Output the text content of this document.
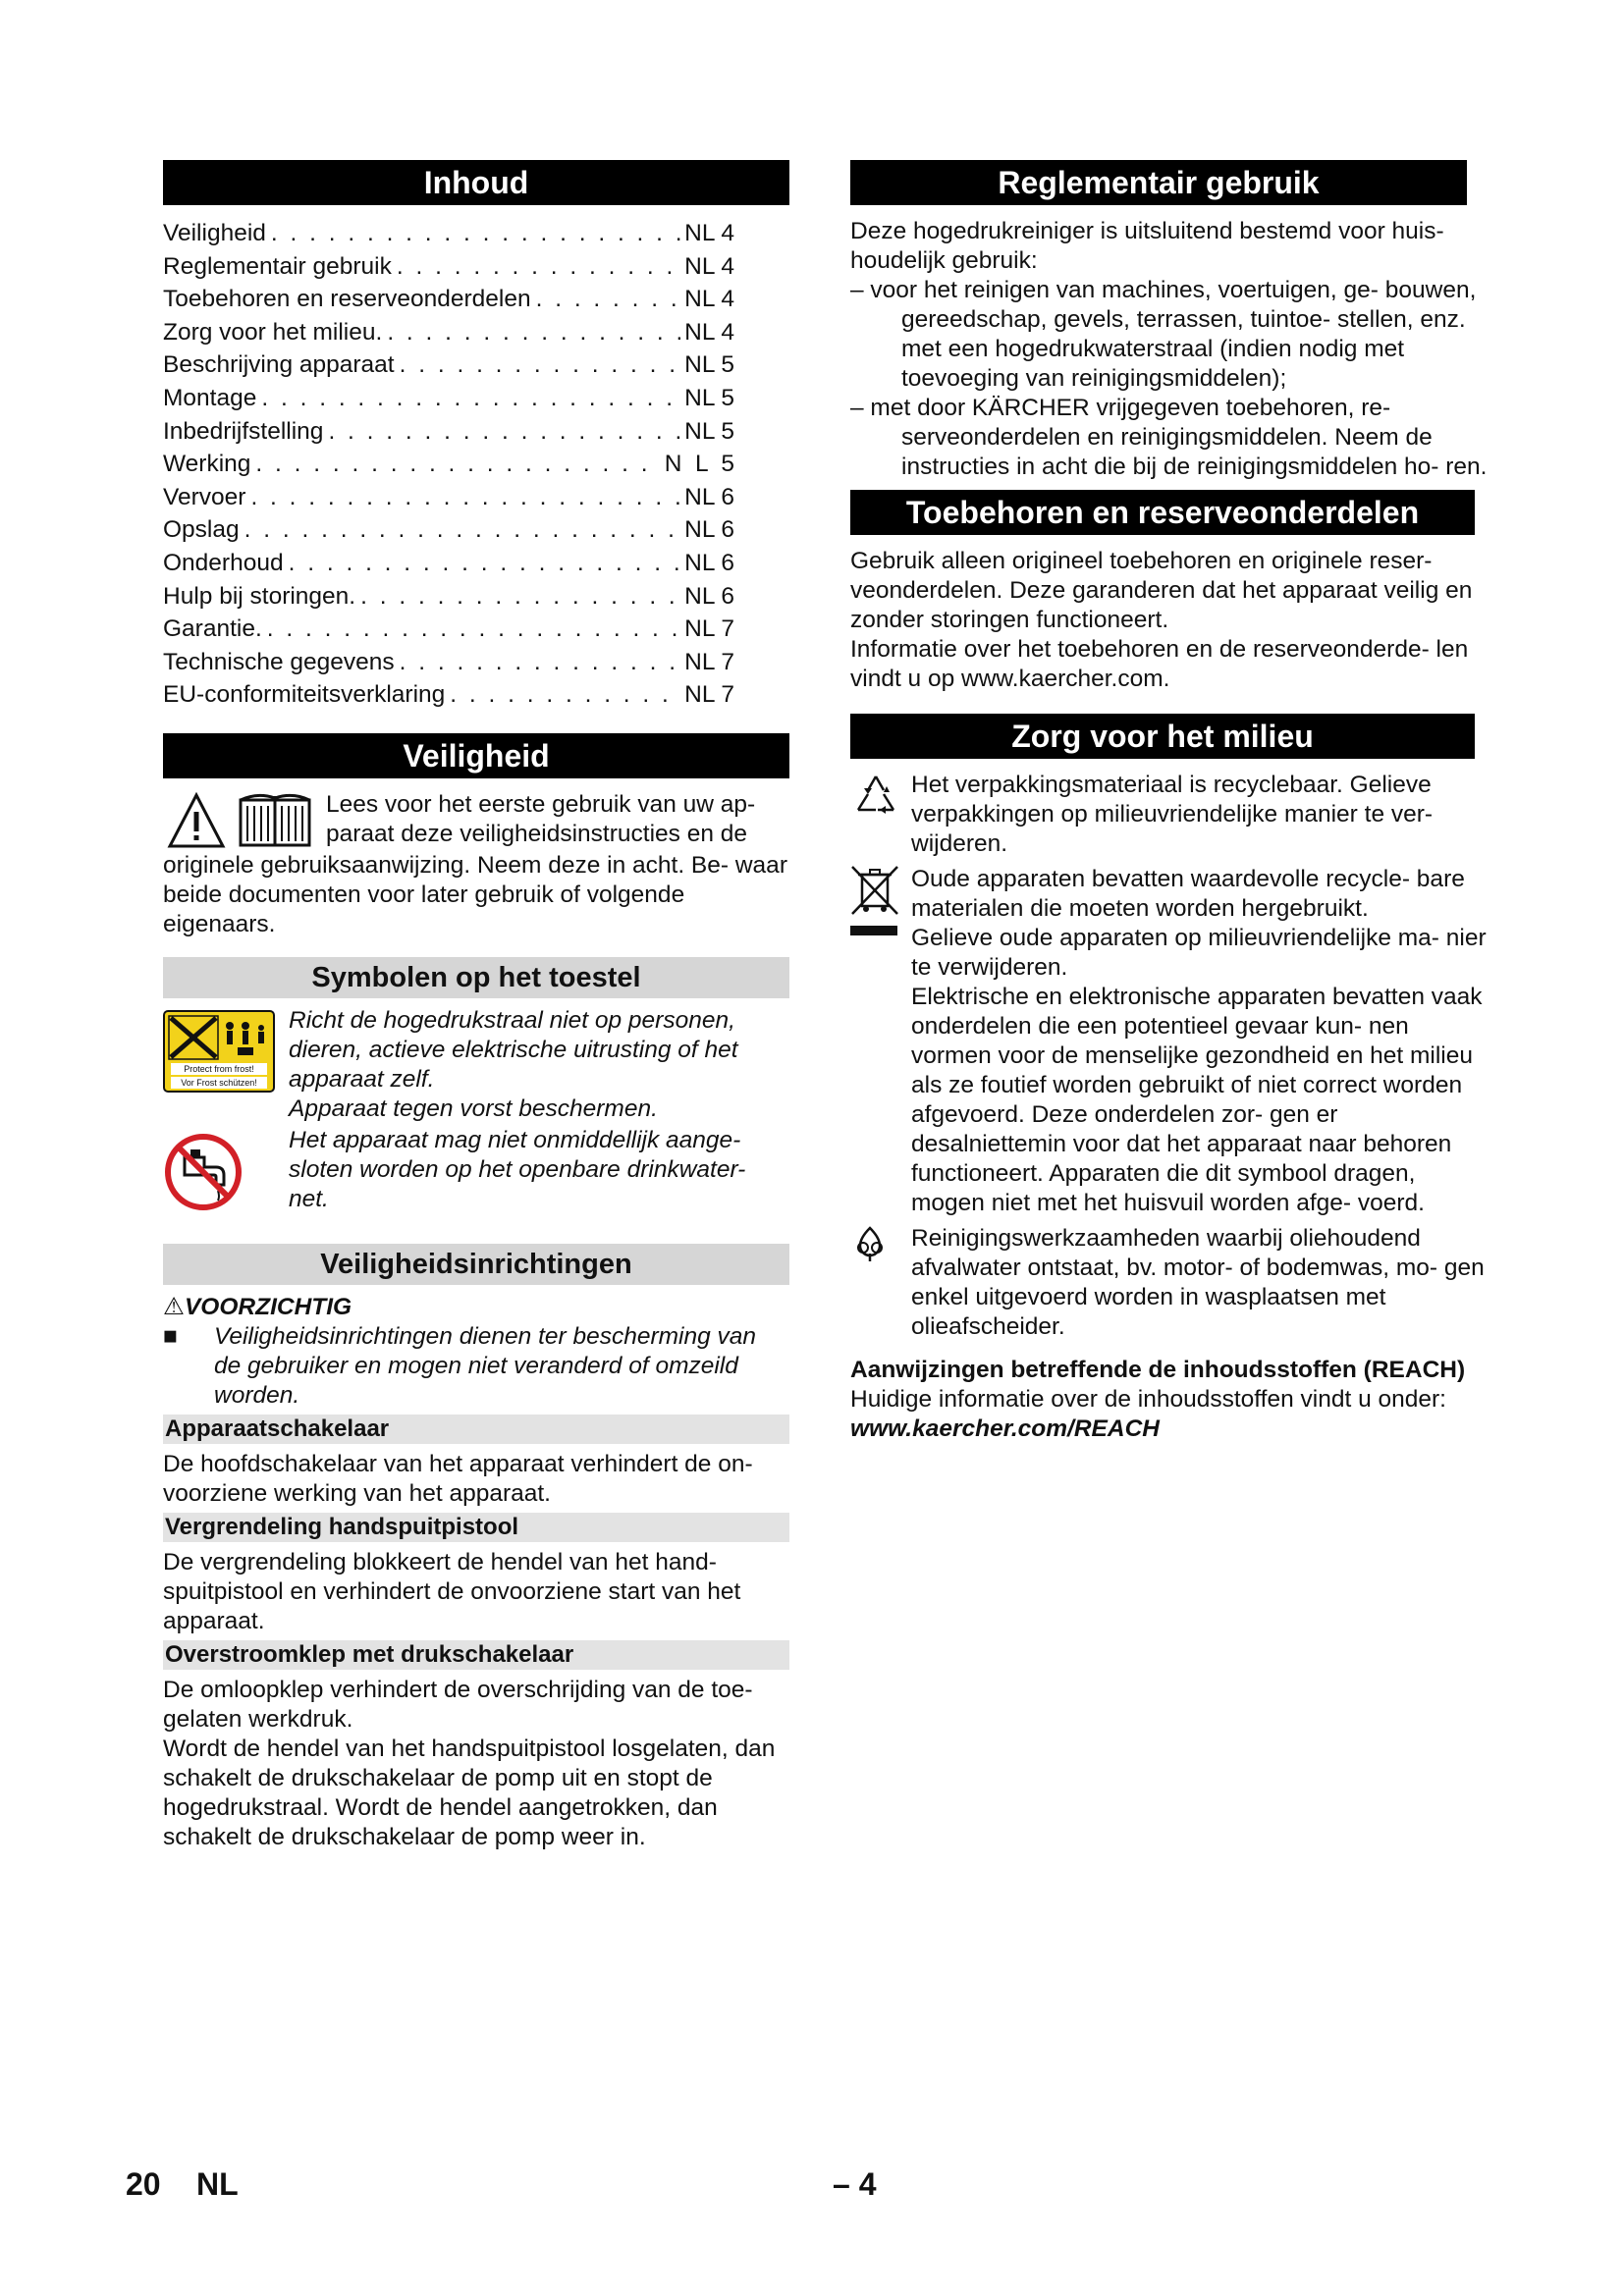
Inhoud
Veiligheid . . .	NL 4
Reglementair gebruik . . .	NL 4
Toebehoren en reserveonderdelen . . .	NL 4
Zorg voor het milieu. . . .	NL 4
Beschrijving apparaat . . .	NL 5
Montage . . .	NL 5
Inbedrijfstelling . . .	NL 5
Werking . . .	N  L  5
Vervoer . . .	NL 6
Opslag . . .	NL 6
Onderhoud . . .	NL 6
Hulp bij storingen. . . .	NL 6
Garantie. . . .	NL 7
Technische gegevens . . .	NL 7
EU-conformiteitsverklaring . . .	NL 7
Veiligheid

Lees voor het eerste gebruik van uw ap-

paraat deze veiligheidsinstructies en de

originele gebruiksaanwijzing. Neem deze in acht. Be- waar beide documenten voor later gebruik of volgende eigenaars.

Symbolen op het toestel
Protect from frost!
Vor Frost schützen!

Richt de hogedrukstraal niet op personen, dieren, actieve elektrische uitrusting of het apparaat zelf.

Apparaat tegen vorst beschermen.

Het apparaat mag niet onmiddellijk aange- sloten worden op het openbare drinkwater- net.

Veiligheidsinrichtingen

⚠VOORZICHTIG

■	Veiligheidsinrichtingen dienen ter bescherming van de gebruiker en mogen niet veranderd of omzeild worden.
Apparaatschakelaar

De hoofdschakelaar van het apparaat verhindert de on- voorziene werking van het apparaat.

Vergrendeling handspuitpistool

De vergrendeling blokkeert de hendel van het hand- spuitpistool en verhindert de onvoorziene start van het apparaat.

Overstroomklep met drukschakelaar

De omloopklep verhindert de overschrijding van de toe- gelaten werkdruk.

Wordt de hendel van het handspuitpistool losgelaten, dan schakelt de drukschakelaar de pomp uit en stopt de hogedrukstraal. Wordt de hendel aangetrokken, dan schakelt de drukschakelaar de pomp weer in.

Reglementair gebruik

Deze hogedrukreiniger is uitsluitend bestemd voor huis- houdelijk gebruik:

– voor het reinigen van machines, voertuigen, ge- bouwen, gereedschap, gevels, terrassen, tuintoe- stellen, enz. met een hogedrukwaterstraal (indien nodig met toevoeging van reinigingsmiddelen);

– met door KÄRCHER vrijgegeven toebehoren, re- serveonderdelen en reinigingsmiddelen. Neem de instructies in acht die bij de reinigingsmiddelen ho- ren.

Toebehoren en reserveonderdelen

Gebruik alleen origineel toebehoren en originele reser- veonderdelen. Deze garanderen dat het apparaat veilig en zonder storingen functioneert.

Informatie over het toebehoren en de reserveonderde- len vindt u op www.kaercher.com.

Zorg voor het milieu

Het verpakkingsmateriaal is recyclebaar. Gelieve verpakkingen op milieuvriendelijke manier te ver- wijderen.

Oude apparaten bevatten waardevolle recycle- bare materialen die moeten worden hergebruikt.

Gelieve oude apparaten op milieuvriendelijke ma- nier te verwijderen.

Elektrische en elektronische apparaten bevatten vaak onderdelen die een potentieel gevaar kun- nen vormen voor de menselijke gezondheid en het milieu als ze foutief worden gebruikt of niet correct worden afgevoerd. Deze onderdelen zor- gen er desalniettemin voor dat het apparaat naar behoren functioneert. Apparaten die dit symbool dragen, mogen niet met het huisvuil worden afge- voerd.

Reinigingswerkzaamheden waarbij oliehoudend afvalwater ontstaat, bv. motor- of bodemwas, mo- gen enkel uitgevoerd worden in wasplaatsen met olieafscheider.

Aanwijzingen betreffende de inhoudsstoffen (REACH)

Huidige informatie over de inhoudsstoffen vindt u onder:

www.kaercher.com/REACH

20 NL	– 4
